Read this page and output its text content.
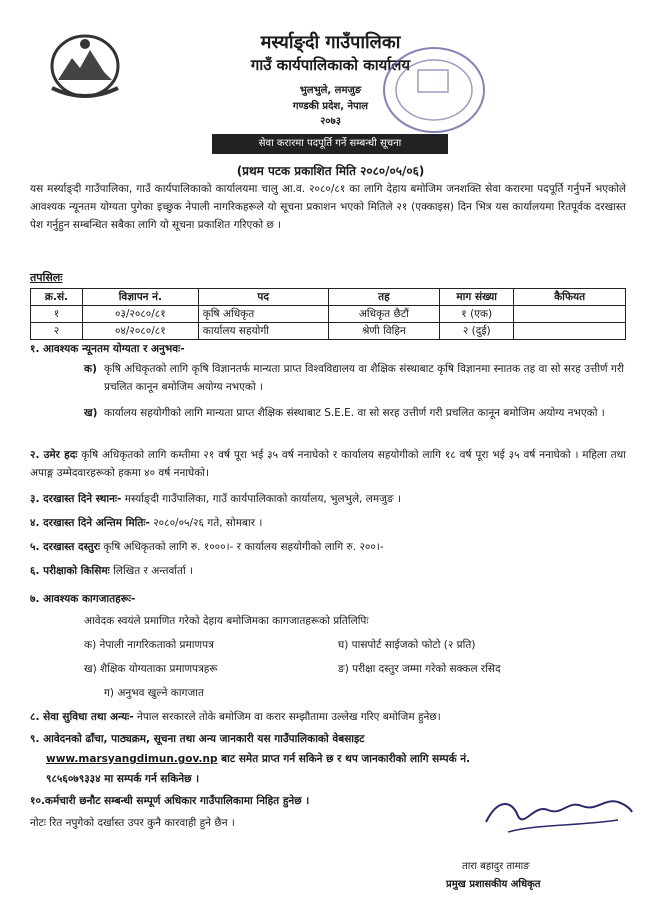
मर्स्याङ्दी गाउँपालिका
गाउँ कार्यपालिकाको कार्यालय
भुलभुले, लमजुङ
गण्डकी प्रदेश, नेपाल
२०७३
सेवा करारमा पदपूर्ति गर्ने सम्बन्धी सूचना
(प्रथम पटक प्रकाशित मिति २०८०/०५/०६)
यस मर्स्याङ्दी गाउँपालिका, गाउँ कार्यपालिकाको कार्यालयमा चालु आ.व. २०८०/८१ का लागि देहाय बमोजिम जनशक्ति सेवा करारमा पदपूर्ति गर्नुपर्ने भएकोले आवश्यक न्यूनतम योग्यता पुगेका इच्छुक नेपाली नागरिकहरूले यो सूचना प्रकाशन भएको मितिले २१ (एक्काइस) दिन भित्र यस कार्यालयमा रितपूर्वक दरखास्त पेश गर्नुहुन सम्बन्धित सबैका लागि यो सूचना प्रकाशित गरिएको छ ।
तपसिलः
क्र.सं.	विज्ञापन नं.	पद	तह	माग संख्या	कैफियत
१	०३/२०८०/८१	कृषि अधिकृत	अधिकृत छैटौं	१ (एक)	
२	०४/२०८०/८१	कार्यालय सहयोगी	श्रेणी विहिन	२ (दुई)	
१. आवश्यक न्यूनतम योग्यता र अनुभवः-
क) कृषि अधिकृतको लागि कृषि विज्ञानतर्फ मान्यता प्राप्त विश्वविद्यालय वा शैक्षिक संस्थाबाट कृषि विज्ञानमा स्नातक तह वा सो सरह उत्तीर्ण गरी प्रचलित कानून बमोजिम अयोग्य नभएको ।
ख) कार्यालय सहयोगीको लागि मान्यता प्राप्त शैक्षिक संस्थाबाट S.E.E. वा सो सरह उत्तीर्ण गरी प्रचलित कानून बमोजिम अयोग्य नभएको ।
२. उमेर हदः कृषि अधिकृतको लागि कम्तीमा २१ वर्ष पूरा भई ३५ वर्ष ननाघेको र कार्यालय सहयोगीको लागि १८ वर्ष पूरा भई ३५ वर्ष ननाघेको । महिला तथा अपाङ्ग उम्मेदवारहरूको हकमा ४० वर्ष ननाघेको।
३. दरखास्त दिने स्थानः- मर्स्याङ्दी गाउँपालिका, गाउँ कार्यपालिकाको कार्यालय, भुलभुले, लमजुङ ।
४. दरखास्त दिने अन्तिम मितिः- २०८०/०५/२६ गते, सोमबार ।
५. दरखास्त दस्तुरः कृषि अधिकृतको लागि रु. १०००।- र कार्यालय सहयोगीको लागि रु. २००।-
६. परीक्षाको किसिमः लिखित र अन्तर्वार्ता ।
७. आवश्यक कागजातहरूः-
आवेदक स्वयंले प्रमाणित गरेको देहाय बमोजिमका कागजातहरूको प्रतिलिपिः
क) नेपाली नागरिकताको प्रमाणपत्र	घ) पासपोर्ट साईजको फोटो (२ प्रति)
ख) शैक्षिक योग्यताका प्रमाणपत्रहरू	ङ) परीक्षा दस्तुर जम्मा गरेको सक्कल रसिद
ग) अनुभव खुल्ने कागजात
८. सेवा सुविधा तथा अन्यः- नेपाल सरकारले तोके बमोजिम वा करार सम्झौतामा उल्लेख गरिए बमोजिम हुनेछ।
९. आवेदनको ढाँचा, पाठ्यक्रम, सूचना तथा अन्य जानकारी यस गाउँपालिकाको वेबसाइट
www.marsyangdimun.gov.np बाट समेत प्राप्त गर्न सकिने छ र थप जानकारीको लागि सम्पर्क नं.
९८५६०७९३३४ मा सम्पर्क गर्न सकिनेछ ।
१०.कर्मचारी छनौट सम्बन्धी सम्पूर्ण अधिकार गाउँपालिकामा निहित हुनेछ ।
नोटः रित नपुगेको दर्खास्त उपर कुनै कारवाही हुने छैन ।
तारा बहादुर तामाङ
प्रमुख प्रशासकीय अधिकृत
